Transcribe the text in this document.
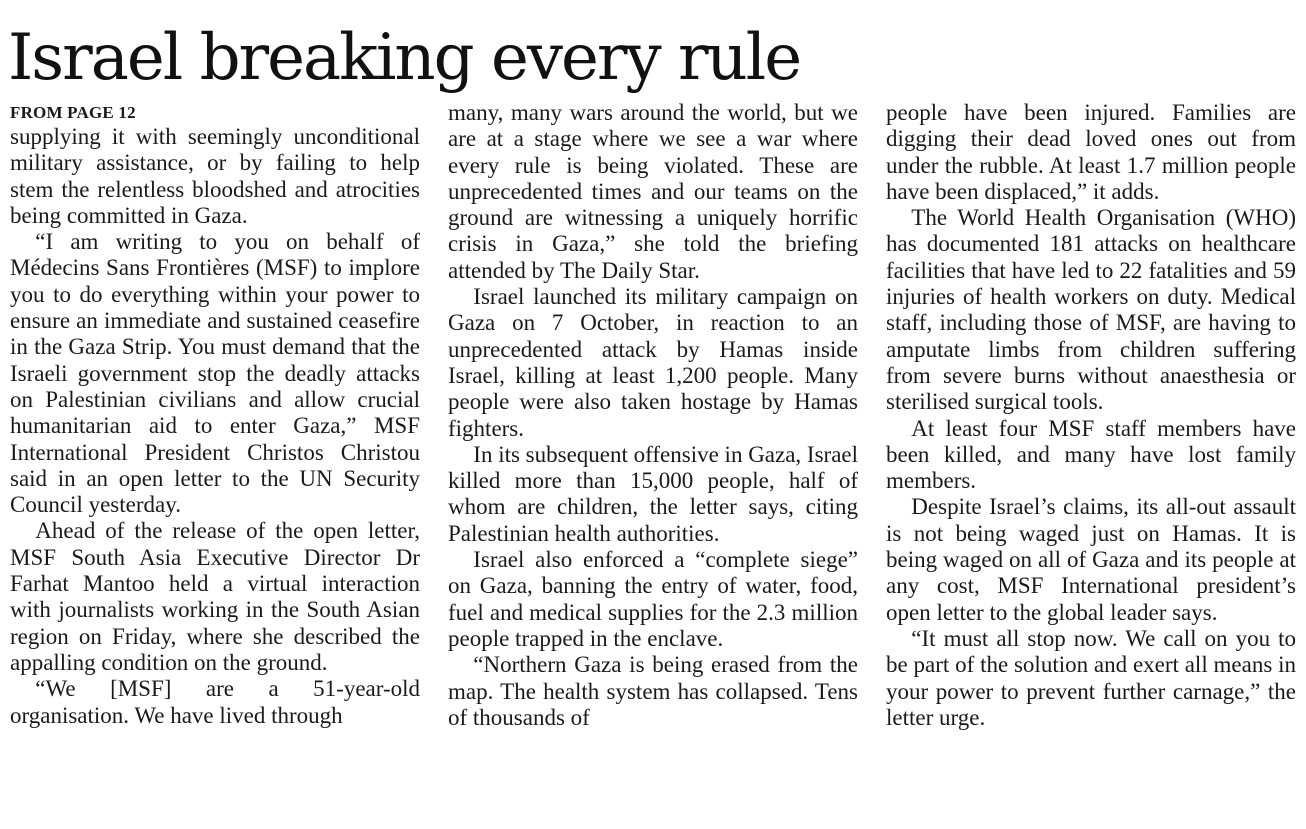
Israel breaking every rule
FROM PAGE 12

supplying it with seemingly unconditional military assistance, or by failing to help stem the relentless bloodshed and atrocities being committed in Gaza.

“I am writing to you on behalf of Médecins Sans Frontières (MSF) to implore you to do everything within your power to ensure an immediate and sustained ceasefire in the Gaza Strip. You must demand that the Israeli government stop the deadly attacks on Palestinian civilians and allow crucial humanitarian aid to enter Gaza,” MSF International President Christos Christou said in an open letter to the UN Security Council yesterday.

Ahead of the release of the open letter, MSF South Asia Executive Director Dr Farhat Mantoo held a virtual interaction with journalists working in the South Asian region on Friday, where she described the appalling condition on the ground.

“We [MSF] are a 51-year-old organisation. We have lived through

many, many wars around the world, but we are at a stage where we see a war where every rule is being violated. These are unprecedented times and our teams on the ground are witnessing a uniquely horrific crisis in Gaza,” she told the briefing attended by The Daily Star.

Israel launched its military campaign on Gaza on 7 October, in reaction to an unprecedented attack by Hamas inside Israel, killing at least 1,200 people. Many people were also taken hostage by Hamas fighters.

In its subsequent offensive in Gaza, Israel killed more than 15,000 people, half of whom are children, the letter says, citing Palestinian health authorities.

Israel also enforced a “complete siege” on Gaza, banning the entry of water, food, fuel and medical supplies for the 2.3 million people trapped in the enclave.

“Northern Gaza is being erased from the map. The health system has collapsed. Tens of thousands of

people have been injured. Families are digging their dead loved ones out from under the rubble. At least 1.7 million people have been displaced,” it adds.

The World Health Organisation (WHO) has documented 181 attacks on healthcare facilities that have led to 22 fatalities and 59 injuries of health workers on duty. Medical staff, including those of MSF, are having to amputate limbs from children suffering from severe burns without anaesthesia or sterilised surgical tools.

At least four MSF staff members have been killed, and many have lost family members.

Despite Israel’s claims, its all-out assault is not being waged just on Hamas. It is being waged on all of Gaza and its people at any cost, MSF International president’s open letter to the global leader says.

“It must all stop now. We call on you to be part of the solution and exert all means in your power to prevent further carnage,” the letter urge.
